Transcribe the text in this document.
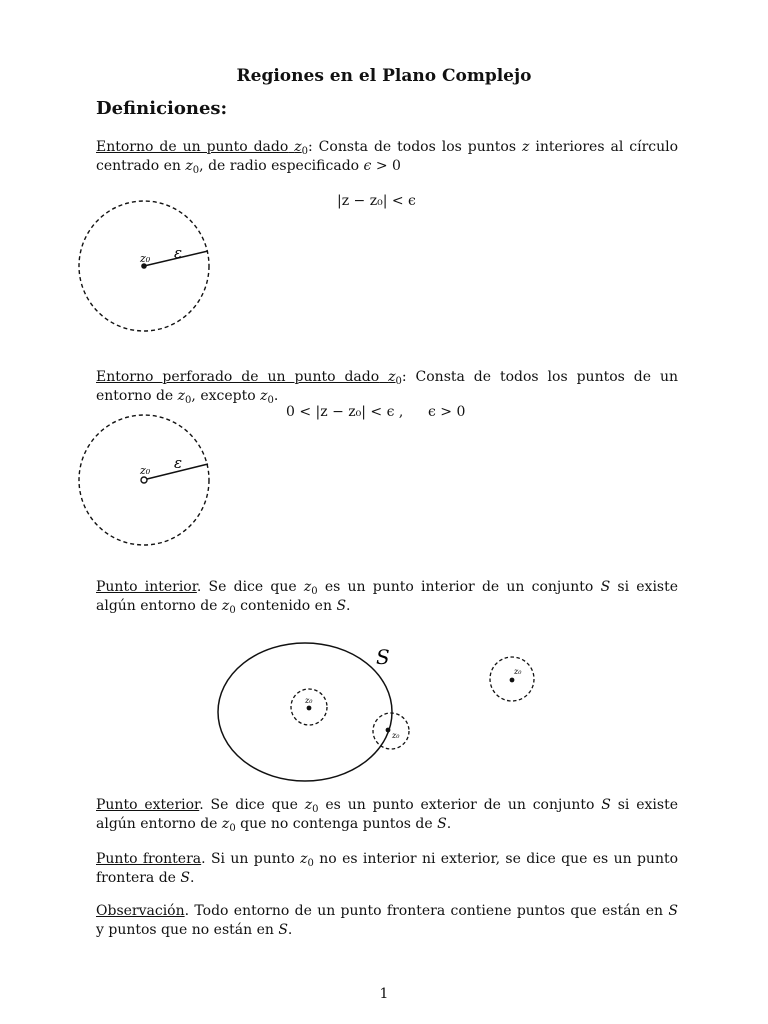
Regiones en el Plano Complejo
Definiciones:
Entorno de un punto dado $z_0$: Consta de todos los puntos z interiores al círculo centrado en $z_0$, de radio especificado ϵ > 0
|z − z₀| < ϵ
z₀ ε
Entorno perforado de un punto dado $z_0$: Consta de todos los puntos de un entorno de $z_0$, excepto $z_0$.
0 < |z − z₀| < ϵ , ϵ > 0
z₀ ε
Punto interior. Se dice que $z_0$ es un punto interior de un conjunto S si existe algún entorno de $z_0$ contenido en S.
S
z₀
z₀
z₀
Punto exterior. Se dice que $z_0$ es un punto exterior de un conjunto S si existe algún entorno de $z_0$ que no contenga puntos de S.
Punto frontera. Si un punto $z_0$ no es interior ni exterior, se dice que es un punto frontera de S.
Observación. Todo entorno de un punto frontera contiene puntos que están en S y puntos que no están en S.
1
